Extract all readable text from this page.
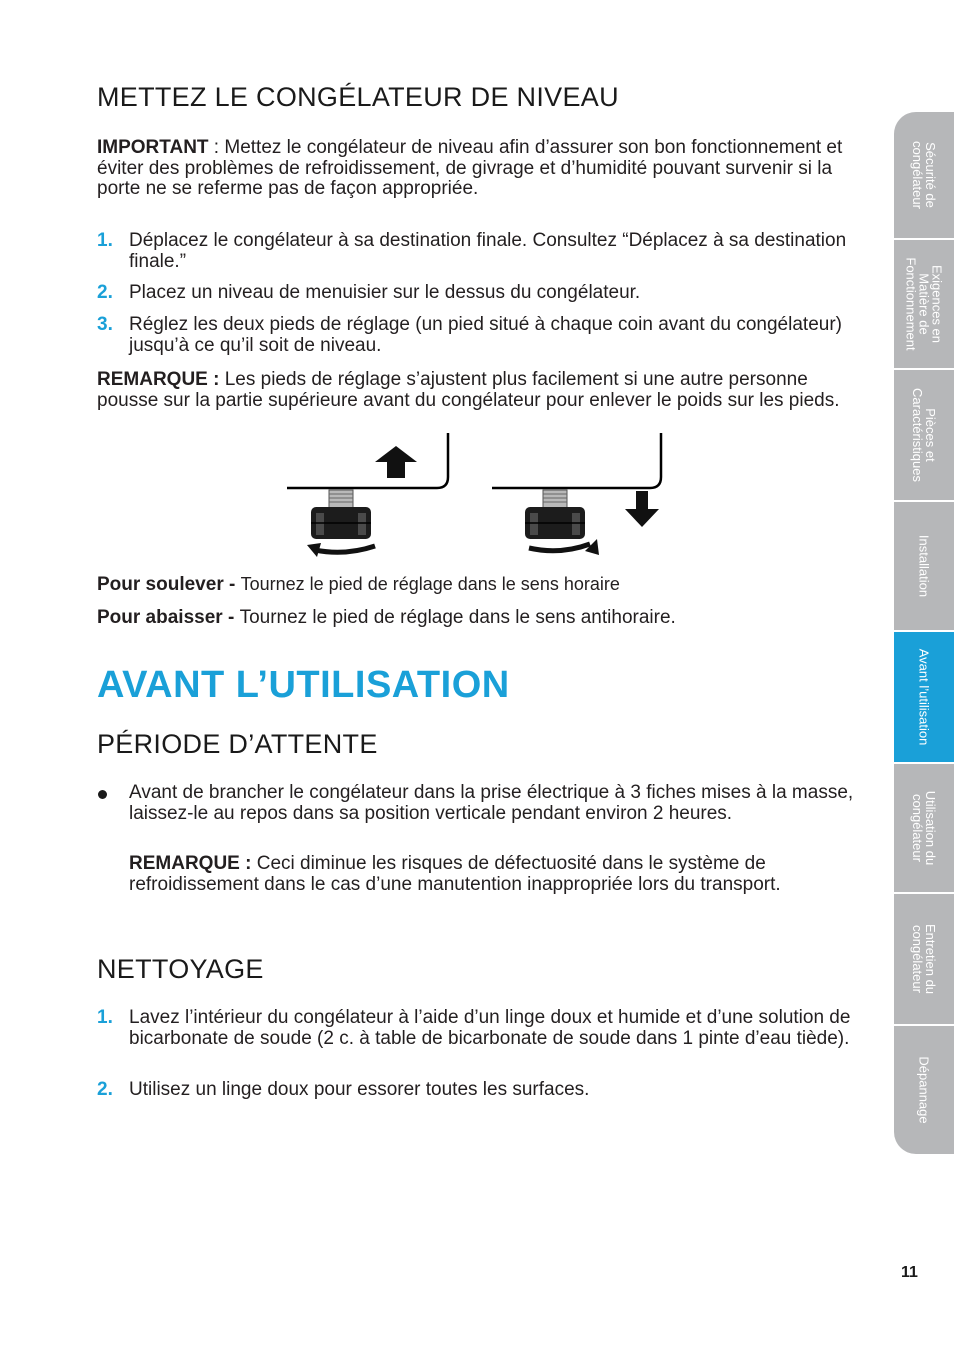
METTEZ LE CONGÉLATEUR DE NIVEAU

IMPORTANT : Mettez le congélateur de niveau afin d’assurer son bon fonctionnement et éviter des problèmes de refroidissement, de givrage et d’humidité pouvant survenir si la porte ne se referme pas de façon appropriée.

1. Déplacez le congélateur à sa destination finale. Consultez “Déplacez à sa destination finale.”
2. Placez un niveau de menuisier sur le dessus du congélateur.
3. Réglez les deux pieds de réglage (un pied situé à chaque coin avant du congélateur) jusqu’à ce qu’il soit de niveau.

REMARQUE : Les pieds de réglage s’ajustent plus facilement si une autre personne pousse sur la partie supérieure avant du congélateur pour enlever le poids sur les pieds.

Pour soulever - Tournez le pied de réglage dans le sens horaire

Pour abaisser - Tournez le pied de réglage dans le sens antihoraire.

AVANT L’UTILISATION
PÉRIODE D’ATTENTE
Avant de brancher le congélateur dans la prise électrique à 3 fiches mises à la masse, laissez-le au repos dans sa position verticale pendant environ 2 heures.

REMARQUE : Ceci diminue les risques de défectuosité dans le système de refroidissement dans le cas d’une manutention inappropriée lors du transport.

NETTOYAGE
1. Lavez l’intérieur du congélateur à l’aide d’un linge doux et humide et d’une solution de bicarbonate de soude (2 c. à table de bicarbonate de soude dans 1 pinte d’eau tiède).
2. Utilisez un linge doux pour essorer toutes les surfaces.
Sécurité de congélateur
Exigences en Matière de Fonctionnement
Pièces et Caractéristiques
Installation
Avant l’utilisation
Utilisation du congélateur
Entretien du congélateur
Dépannage
11
